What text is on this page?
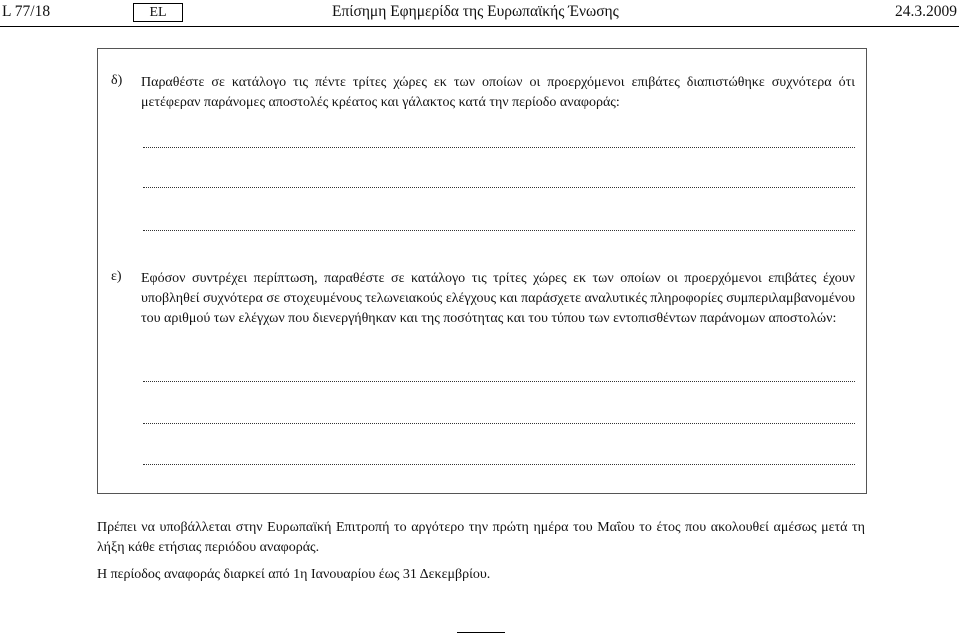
L 77/18	EL	Επίσημη Εφημερίδα της Ευρωπαϊκής Ένωσης	24.3.2009
δ) Παραθέστε σε κατάλογο τις πέντε τρίτες χώρες εκ των οποίων οι προερχόμενοι επιβάτες διαπιστώθηκε συχνότερα ότι μετέφεραν παράνομες αποστολές κρέατος και γάλακτος κατά την περίοδο αναφοράς:
ε) Εφόσον συντρέχει περίπτωση, παραθέστε σε κατάλογο τις τρίτες χώρες εκ των οποίων οι προερχόμενοι επιβάτες έχουν υποβληθεί συχνότερα σε στοχευμένους τελωνειακούς ελέγχους και παράσχετε αναλυτικές πληροφορίες συμπεριλαμβανομένου του αριθμού των ελέγχων που διενεργήθηκαν και της ποσότητας και του τύπου των εντοπισθέντων παράνομων αποστολών:
Πρέπει να υποβάλλεται στην Ευρωπαϊκή Επιτροπή το αργότερο την πρώτη ημέρα του Μαΐου το έτος που ακολουθεί αμέσως μετά τη λήξη κάθε ετήσιας περιόδου αναφοράς.
Η περίοδος αναφοράς διαρκεί από 1η Ιανουαρίου έως 31 Δεκεμβρίου.
